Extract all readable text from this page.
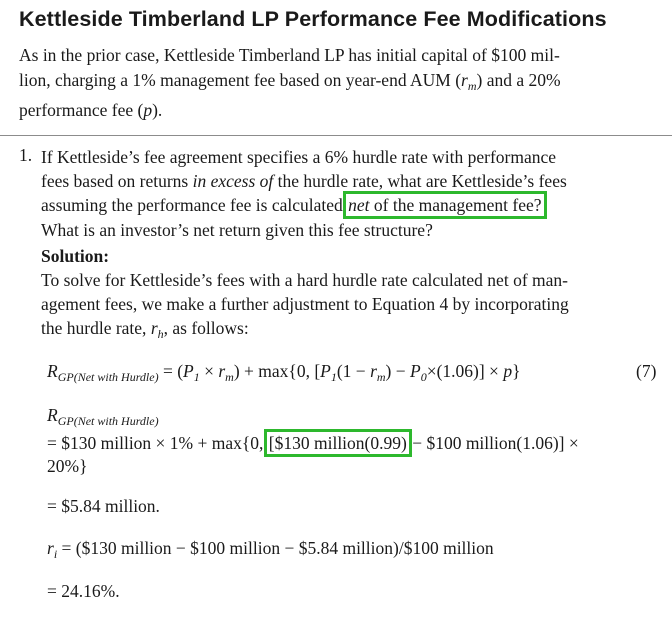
Kettleside Timberland LP Performance Fee Modifications
As in the prior case, Kettleside Timberland LP has initial capital of $100 mil-
lion, charging a 1% management fee based on year-end AUM $(r_m)$ and a 20%
performance fee (p).
1. If Kettleside’s fee agreement specifies a 6% hurdle rate with performance
fees based on returns in excess of the hurdle rate, what are Kettleside’s fees
assuming the performance fee is calculated net of the management fee?
What is an investor’s net return given this fee structure?
Solution:
To solve for Kettleside’s fees with a hard hurdle rate calculated net of man-
agement fees, we make a further adjustment to Equation 4 by incorporating
the hurdle rate, $r_h$, as follows:
$R_{GP(Net with Hurdle)} = (P_1 \times r_m) + \max\{0$, $[P_1(1 - r_m) - P_0\times(1.06)] \times p$}	(7)
$R_{GP(Net with Hurdle)}$
= $130 million × 1% + max{0, [$130 million(0.99) − $100 million(1.06)] ×
20%}
= $5.84 million.
$r_i$ = ($130 million − $100 million − $5.84 million)/$100 million
= 24.16%.
